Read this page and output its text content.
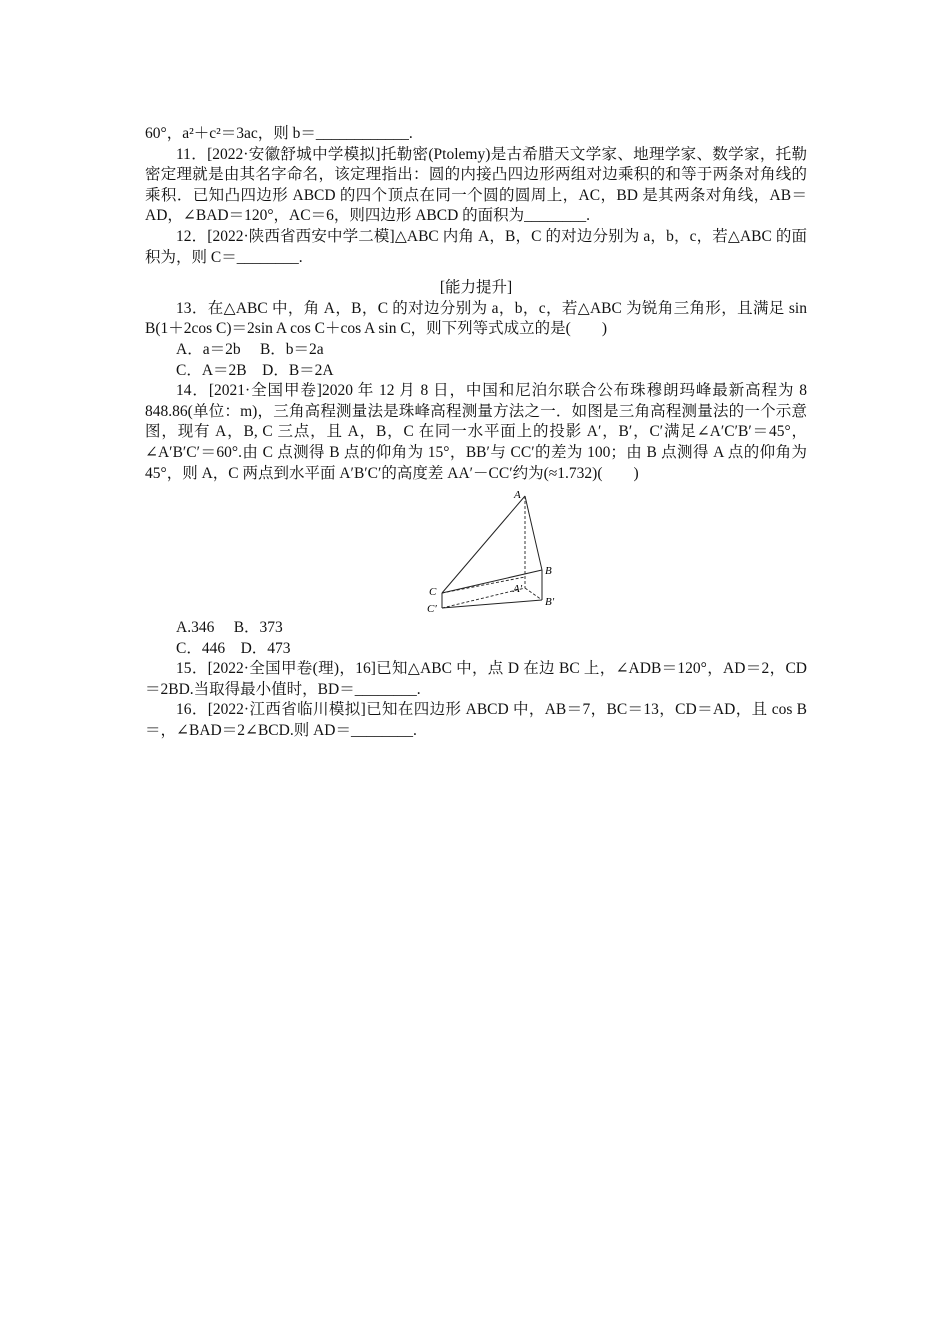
60°，a²＋c²＝3ac，则 b＝____________.

11．[2022·安徽舒城中学模拟]托勒密(Ptolemy)是古希腊天文学家、地理学家、数学家，托勒密定理就是由其名字命名，该定理指出：圆的内接凸四边形两组对边乘积的和等于两条对角线的乘积．已知凸四边形 ABCD 的四个顶点在同一个圆的圆周上，AC，BD 是其两条对角线，AB＝AD，∠BAD＝120°，AC＝6，则四边形 ABCD 的面积为________.

12．[2022·陕西省西安中学二模]△ABC 内角 A，B，C 的对边分别为 a，b，c，若△ABC 的面积为，则 C＝________.

[能力提升]

13．在△ABC 中，角 A，B，C 的对边分别为 a，b，c，若△ABC 为锐角三角形，且满足 sin B(1＋2cos C)＝2sin A cos C＋cos A sin C，则下列等式成立的是(　　)

A．a＝2b　 B．b＝2a

C．A＝2B　D．B＝2A

14．[2021·全国甲卷]2020 年 12 月 8 日，中国和尼泊尔联合公布珠穆朗玛峰最新高程为 8 848.86(单位：m)，三角高程测量法是珠峰高程测量方法之一．如图是三角高程测量法的一个示意图，现有 A，B, C 三点，且 A，B，C 在同一水平面上的投影 A′，B′，C′满足∠A′C′B′＝45°，∠A′B′C′＝60°.由 C 点测得 B 点的仰角为 15°，BB′与 CC′的差为 100；由 B 点测得 A 点的仰角为 45°，则 A，C 两点到水平面 A′B′C′的高度差 AA′－CC′约为(≈1.732)(　　)

A
B
C	A′
B′
C′

A.346　 B．373

C．446　D．473

15．[2022·全国甲卷(理)，16]已知△ABC 中，点 D 在边 BC 上，∠ADB＝120°，AD＝2，CD＝2BD.当取得最小值时，BD＝________.

16．[2022·江西省临川模拟]已知在四边形 ABCD 中，AB＝7，BC＝13，CD＝AD，且 cos B＝，∠BAD＝2∠BCD.则 AD＝________.
